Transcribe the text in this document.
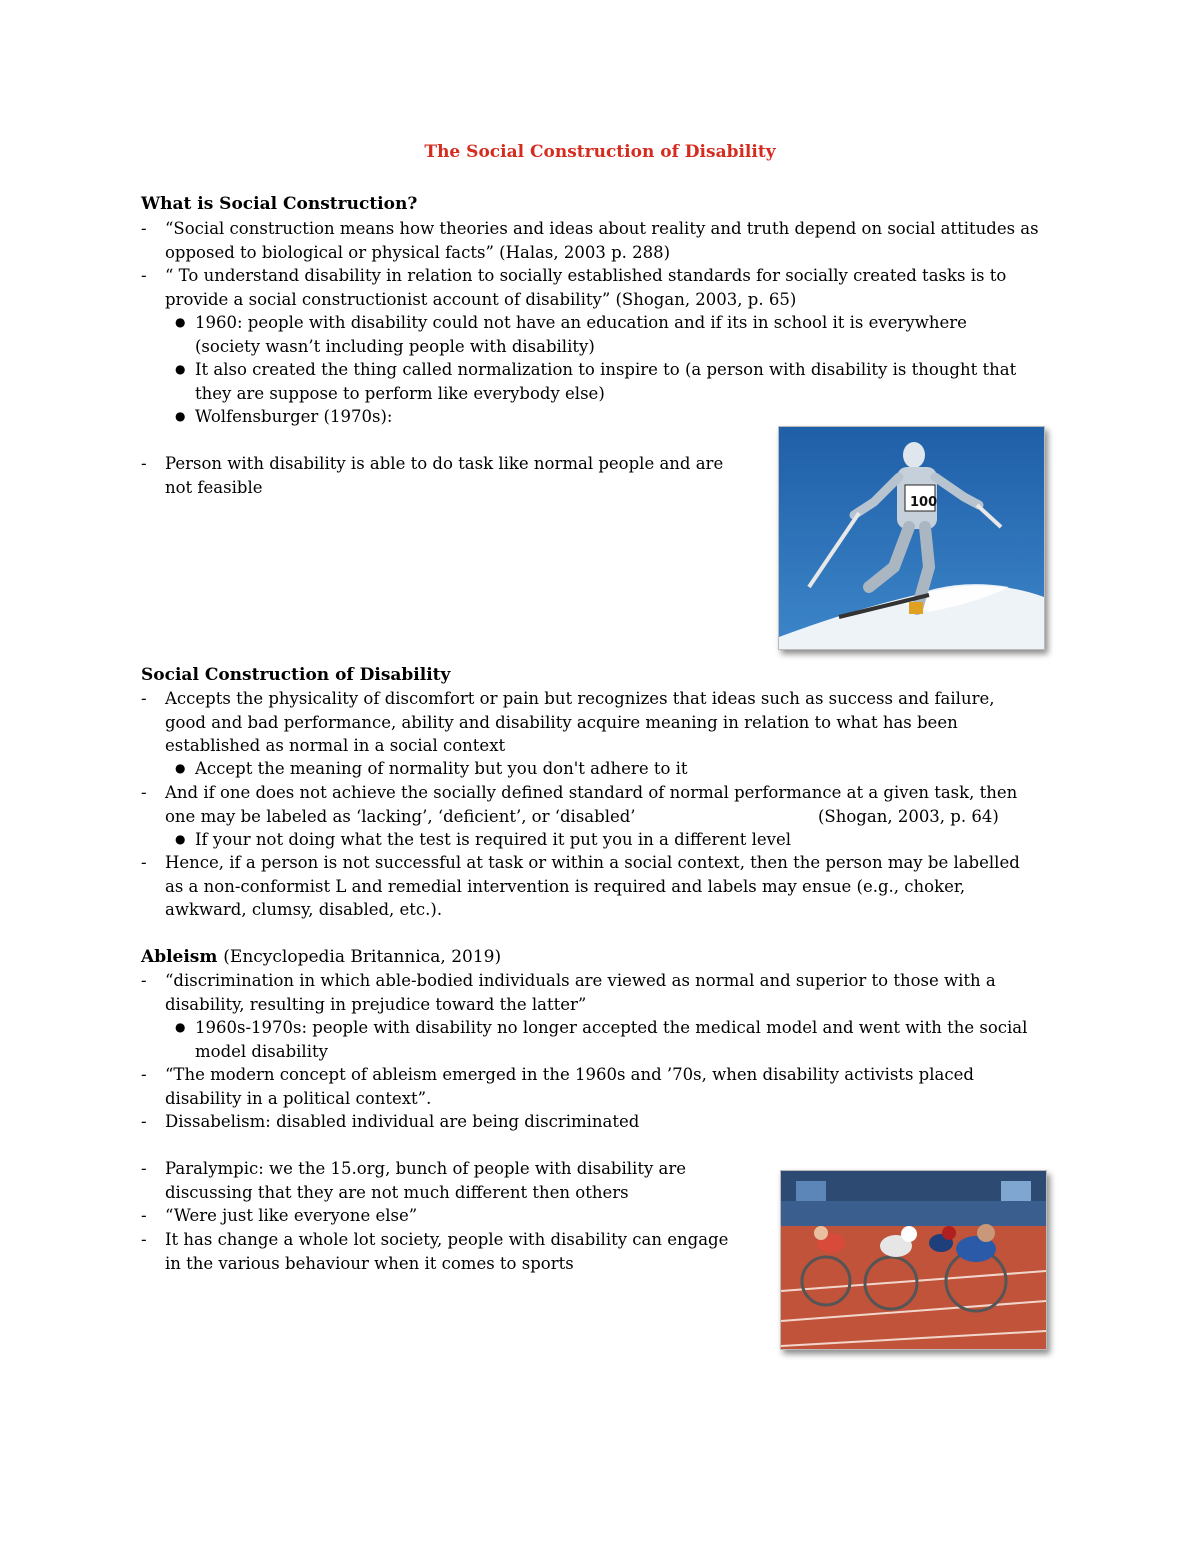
The Social Construction of Disability
What is Social Construction?
-	“Social construction means how theories and ideas about reality and truth depend on social attitudes as
opposed to biological or physical facts” (Halas, 2003 p. 288)
-	“ To understand disability in relation to socially established standards for socially created tasks is to
provide a social constructionist account of disability” (Shogan, 2003, p. 65)
● 1960: people with disability could not have an education and if its in school it is everywhere
(society wasn’t including people with disability)
● It also created the thing called normalization to inspire to (a person with disability is thought that
they are suppose to perform like everybody else)
● Wolfensburger (1970s):
-	Person with disability is able to do task like normal people and are
not feasible
100
Social Construction of Disability
-	Accepts the physicality of discomfort or pain but recognizes that ideas such as success and failure,
good and bad performance, ability and disability acquire meaning in relation to what has been
established as normal in a social context
● Accept the meaning of normality but you don't adhere to it
-	And if one does not achieve the socially defined standard of normal performance at a given task, then
one may be labeled as ‘lacking’, ‘deficient’, or ‘disabled’	(Shogan, 2003, p. 64)
● If your not doing what the test is required it put you in a different level
-	Hence, if a person is not successful at task or within a social context, then the person may be labelled
as a non-conformist L and remedial intervention is required and labels may ensue (e.g., choker,
awkward, clumsy, disabled, etc.).
Ableism (Encyclopedia Britannica, 2019)
-	“discrimination in which able-bodied individuals are viewed as normal and superior to those with a
disability, resulting in prejudice toward the latter”
● 1960s-1970s: people with disability no longer accepted the medical model and went with the social
model disability
-	“The modern concept of ableism emerged in the 1960s and ’70s, when disability activists placed
disability in a political context”.
-	Dissabelism: disabled individual are being discriminated
-	Paralympic: we the 15.org, bunch of people with disability are
discussing that they are not much different then others
-	“Were just like everyone else”
-	It has change a whole lot society, people with disability can engage
in the various behaviour when it comes to sports
